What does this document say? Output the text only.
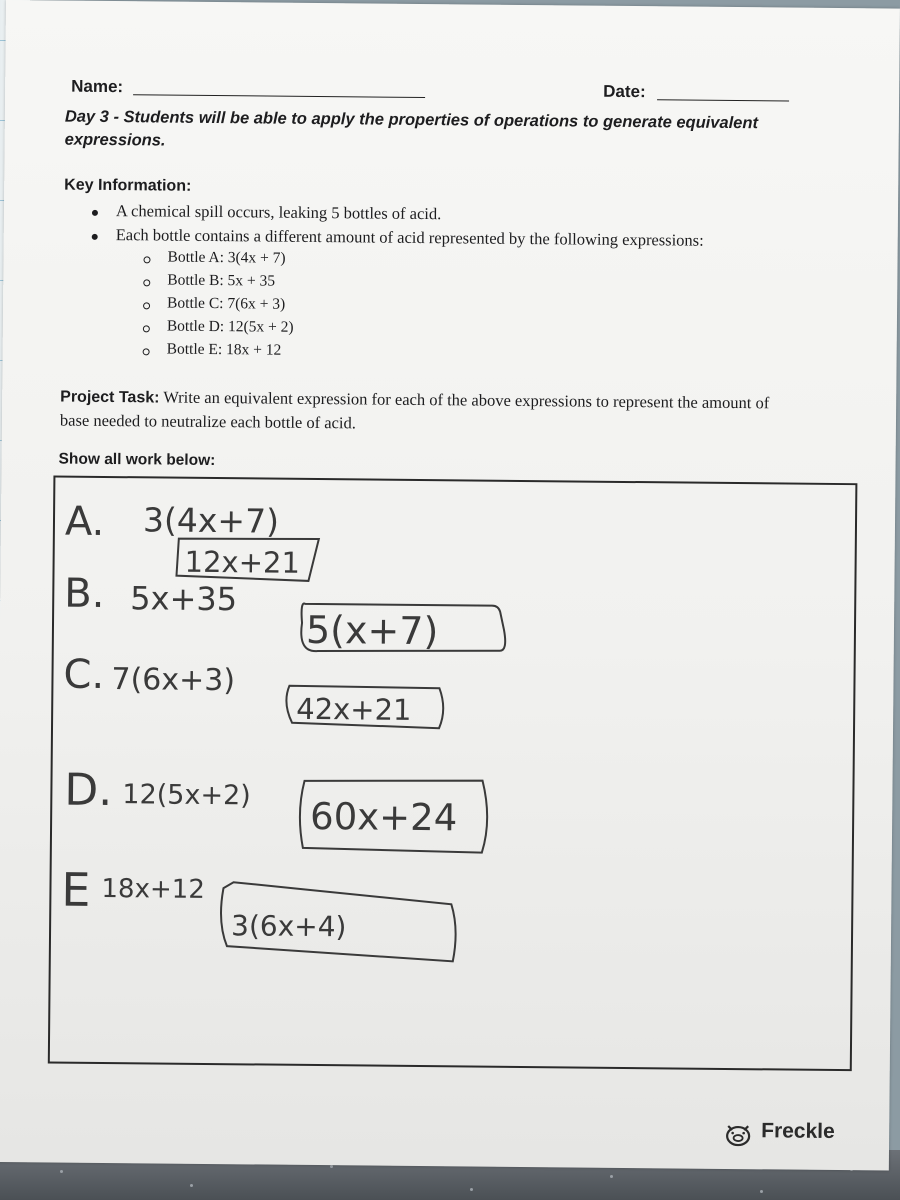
Name:	Date:
Day 3 - Students will be able to apply the properties of operations to generate equivalent
expressions.
Key Information:
A chemical spill occurs, leaking 5 bottles of acid.
Each bottle contains a different amount of acid represented by the following expressions:
Bottle A: 3(4x + 7)
Bottle B: 5x + 35
Bottle C: 7(6x + 3)
Bottle D: 12(5x + 2)
Bottle E: 18x + 12
Project Task: Write an equivalent expression for each of the above expressions to represent the amount of
base needed to neutralize each bottle of acid.
Show all work below:
A. 3(4x+7)
12x+21
B. 5x+35
5(x+7)
C. 7(6x+3)
42x+21
D. 12(5x+2) 60x+24
E 18x+12
3(6x+4)
Freckle
